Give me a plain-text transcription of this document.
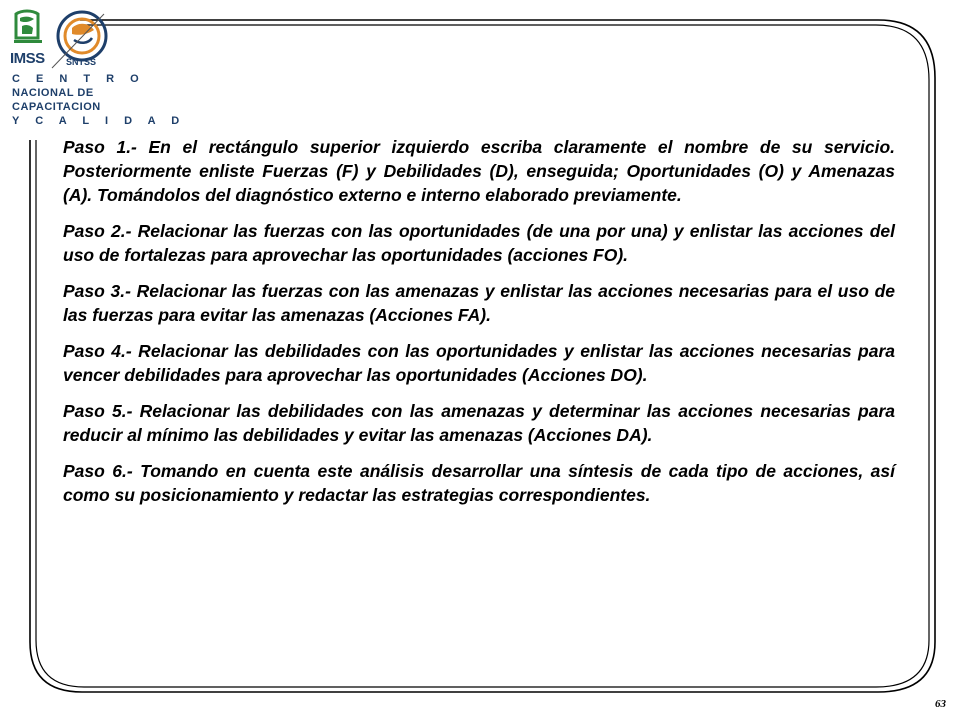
IMSS SNTSS
C E N T R O
NACIONAL DE
CAPACITACION
Y C A L I D A D

Paso 1.- En el rectángulo superior izquierdo escriba claramente el nombre de su servicio. Posteriormente enliste Fuerzas (F) y Debilidades (D), enseguida; Oportunidades (O) y Amenazas (A). Tomándolos del diagnóstico externo e interno elaborado previamente.

Paso 2.- Relacionar las fuerzas con las oportunidades (de una por una) y enlistar las acciones del uso de fortalezas para aprovechar las oportunidades (acciones FO).

Paso 3.- Relacionar las fuerzas con las amenazas y enlistar las acciones necesarias para el uso de las fuerzas para evitar las amenazas (Acciones FA).

Paso 4.- Relacionar las debilidades con las oportunidades y enlistar las acciones necesarias para vencer debilidades para aprovechar las oportunidades (Acciones DO).

Paso 5.- Relacionar las debilidades con las amenazas y determinar las acciones necesarias para reducir al mínimo las debilidades y evitar las amenazas (Acciones DA).

Paso 6.- Tomando en cuenta este análisis desarrollar una síntesis de cada tipo de acciones, así como su posicionamiento y redactar las estrategias correspondientes.

63
